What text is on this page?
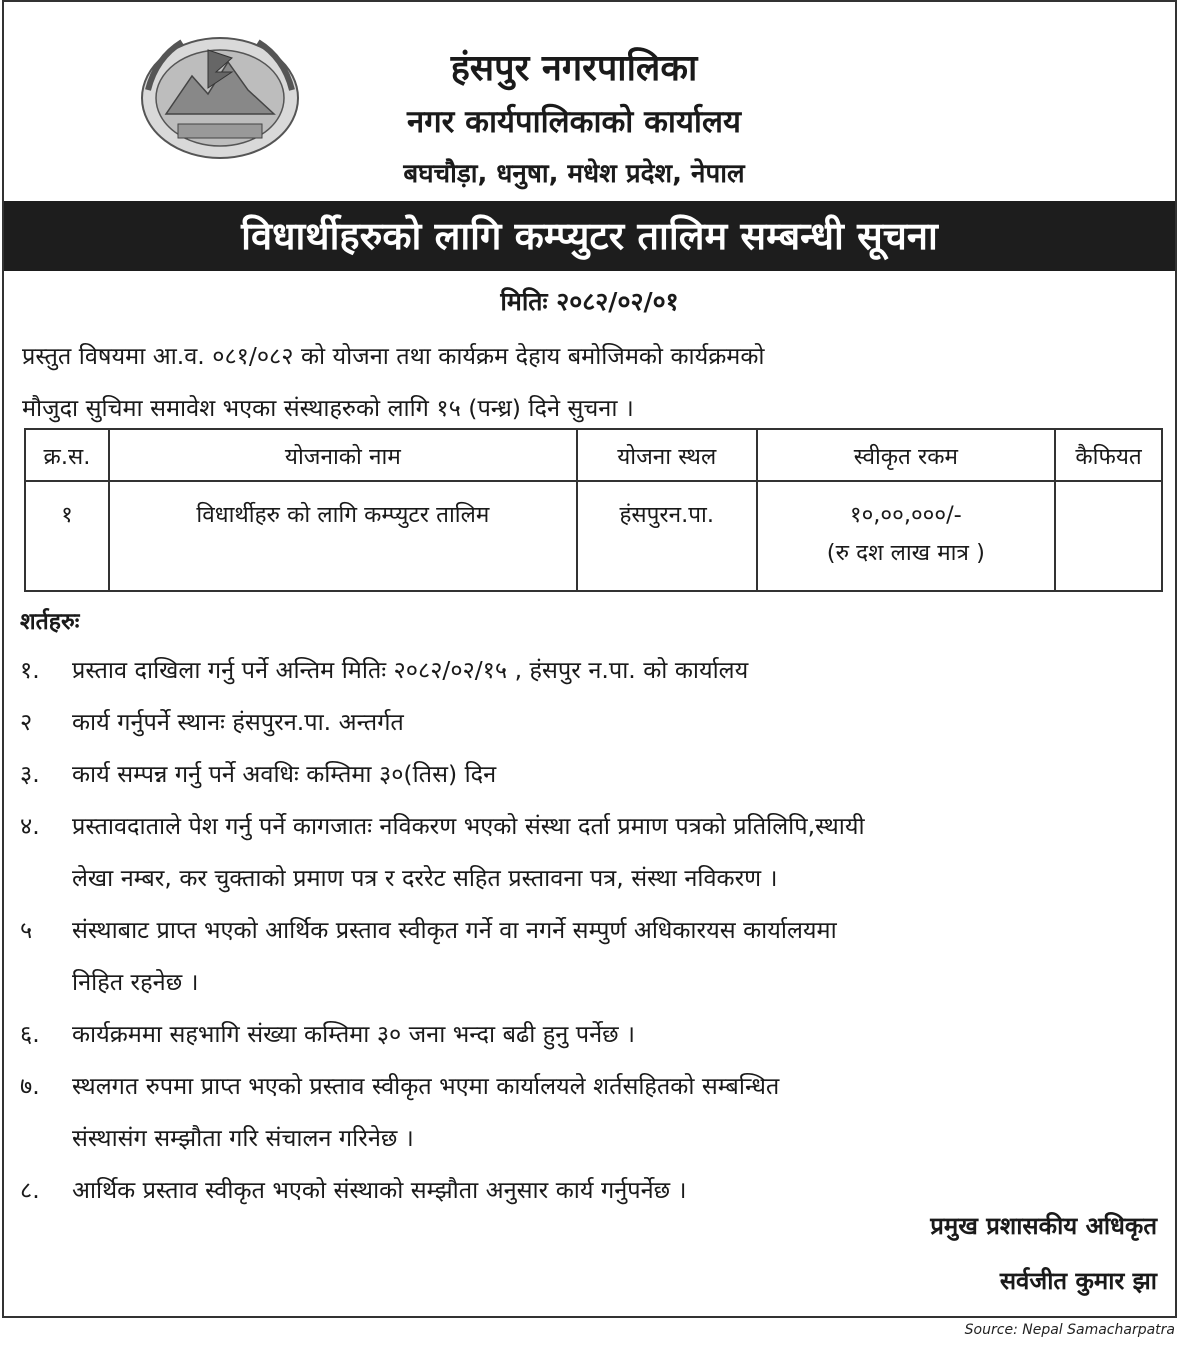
हंसपुर नगरपालिका
नगर कार्यपालिकाको कार्यालय
बघचौड़ा, धनुषा, मधेश प्रदेश, नेपाल
विधार्थीहरुको लागि कम्प्युटर तालिम सम्बन्धी सूचना
मितिः २०८२/०२/०१
प्रस्तुत विषयमा आ.व. ०८१/०८२ को योजना तथा कार्यक्रम देहाय बमोजिमको कार्यक्रमको
मौजुदा सुचिमा समावेश भएका संस्थाहरुको लागि १५ (पन्ध्र) दिने सुचना ।
क्र.स.	योजनाको नाम	योजना स्थल	स्वीकृत रकम	कैफियत

१	विधार्थीहरु को लागि कम्प्युटर तालिम	हंसपुरन.पा.	१०,००,०००/-
(रु दश लाख मात्र )	

शर्तहरुः
१.	प्रस्ताव दाखिला गर्नु पर्ने अन्तिम मितिः २०८२/०२/१५ , हंसपुर न.पा. को कार्यालय
२	कार्य गर्नुपर्ने स्थानः हंसपुरन.पा. अन्तर्गत
३.	कार्य सम्पन्न गर्नु पर्ने अवधिः कम्तिमा ३०(तिस) दिन
४.	प्रस्तावदाताले पेश गर्नु पर्ने कागजातः नविकरण भएको संस्था दर्ता प्रमाण पत्रको प्रतिलिपि,स्थायी
लेखा नम्बर, कर चुक्ताको प्रमाण पत्र र दररेट सहित प्रस्तावना पत्र, संस्था नविकरण ।
५	संस्थाबाट प्राप्त भएको आर्थिक प्रस्ताव स्वीकृत गर्ने वा नगर्ने सम्पुर्ण अधिकारयस कार्यालयमा
निहित रहनेछ ।
६.	कार्यक्रममा सहभागि संख्या कम्तिमा ३० जना भन्दा बढी हुनु पर्नेछ ।
७.	स्थलगत रुपमा प्राप्त भएको प्रस्ताव स्वीकृत भएमा कार्यालयले शर्तसहितको सम्बन्धित
संस्थासंग सम्झौता गरि संचालन गरिनेछ ।
८.	आर्थिक प्रस्ताव स्वीकृत भएको संस्थाको सम्झौता अनुसार कार्य गर्नुपर्नेछ ।
प्रमुख प्रशासकीय अधिकृत
सर्वजीत कुमार झा
Source: Nepal Samacharpatra
